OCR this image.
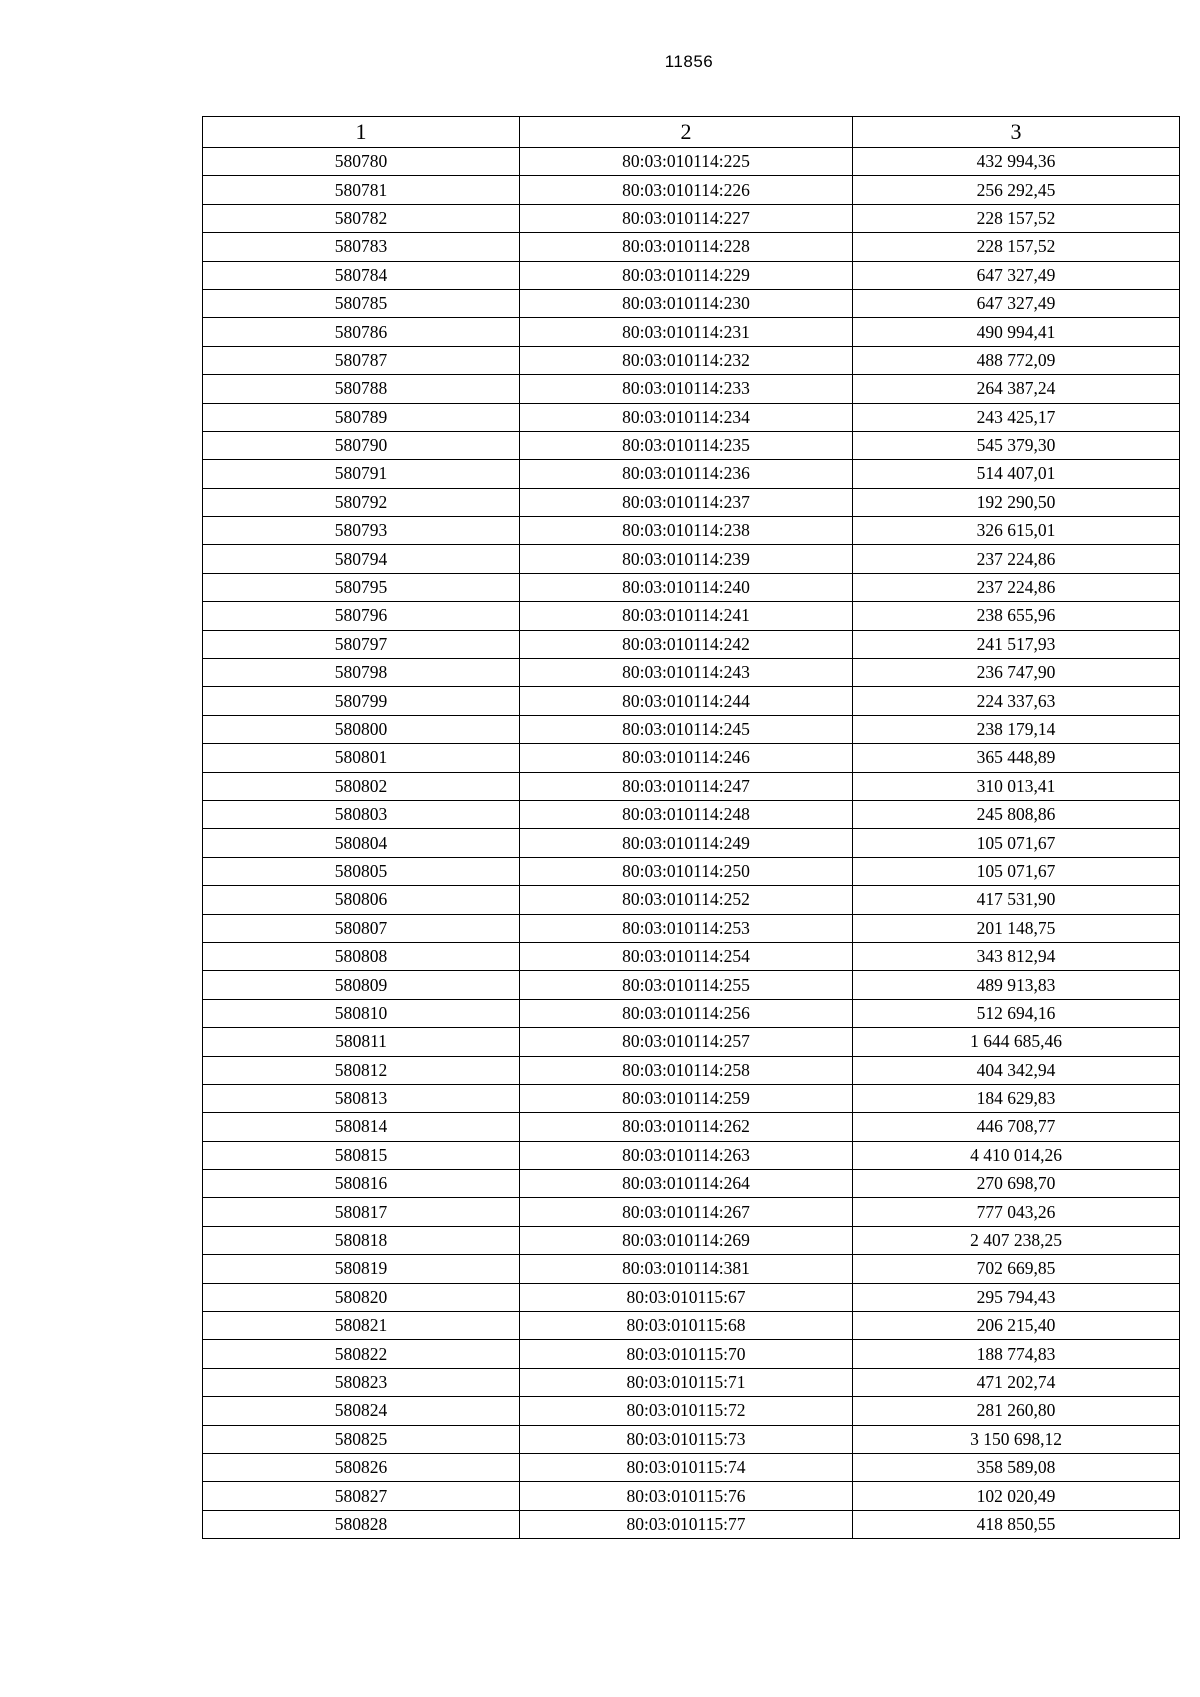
11856
1	2	3
580780	80:03:010114:225	432 994,36
580781	80:03:010114:226	256 292,45
580782	80:03:010114:227	228 157,52
580783	80:03:010114:228	228 157,52
580784	80:03:010114:229	647 327,49
580785	80:03:010114:230	647 327,49
580786	80:03:010114:231	490 994,41
580787	80:03:010114:232	488 772,09
580788	80:03:010114:233	264 387,24
580789	80:03:010114:234	243 425,17
580790	80:03:010114:235	545 379,30
580791	80:03:010114:236	514 407,01
580792	80:03:010114:237	192 290,50
580793	80:03:010114:238	326 615,01
580794	80:03:010114:239	237 224,86
580795	80:03:010114:240	237 224,86
580796	80:03:010114:241	238 655,96
580797	80:03:010114:242	241 517,93
580798	80:03:010114:243	236 747,90
580799	80:03:010114:244	224 337,63
580800	80:03:010114:245	238 179,14
580801	80:03:010114:246	365 448,89
580802	80:03:010114:247	310 013,41
580803	80:03:010114:248	245 808,86
580804	80:03:010114:249	105 071,67
580805	80:03:010114:250	105 071,67
580806	80:03:010114:252	417 531,90
580807	80:03:010114:253	201 148,75
580808	80:03:010114:254	343 812,94
580809	80:03:010114:255	489 913,83
580810	80:03:010114:256	512 694,16
580811	80:03:010114:257	1 644 685,46
580812	80:03:010114:258	404 342,94
580813	80:03:010114:259	184 629,83
580814	80:03:010114:262	446 708,77
580815	80:03:010114:263	4 410 014,26
580816	80:03:010114:264	270 698,70
580817	80:03:010114:267	777 043,26
580818	80:03:010114:269	2 407 238,25
580819	80:03:010114:381	702 669,85
580820	80:03:010115:67	295 794,43
580821	80:03:010115:68	206 215,40
580822	80:03:010115:70	188 774,83
580823	80:03:010115:71	471 202,74
580824	80:03:010115:72	281 260,80
580825	80:03:010115:73	3 150 698,12
580826	80:03:010115:74	358 589,08
580827	80:03:010115:76	102 020,49
580828	80:03:010115:77	418 850,55
